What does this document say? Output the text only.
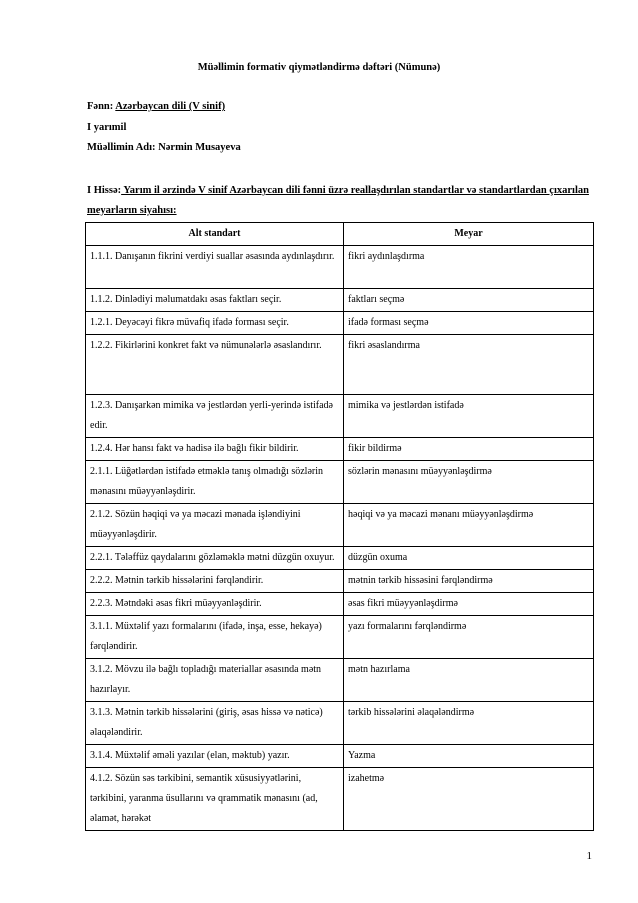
Müəllimin formativ qiymətləndirmə dəftəri (Nümunə)
Fənn: Azərbaycan dili (V sinif)
I yarımil
Müəllimin Adı: Nərmin Musayeva
I Hissə: Yarım il ərzində V sinif Azərbaycan dili fənni üzrə reallaşdırılan standartlar və standartlardan çıxarılan meyarların siyahısı:
Alt standart	Meyar
1.1.1. Danışanın fikrini verdiyi suallar əsasında aydınlaşdırır.	fikri aydınlaşdırma
1.1.2. Dinlədiyi məlumatdakı əsas faktları seçir.	faktları seçmə
1.2.1. Deyəcəyi fikrə müvafiq ifadə forması seçir.	ifadə forması seçmə
1.2.2. Fikirlərini konkret fakt və nümunələrlə əsaslandırır.	fikri əsaslandırma
1.2.3. Danışarkən mimika və jestlərdən yerli-yerində istifadə edir.	mimika və jestlərdən istifadə
1.2.4. Hər hansı fakt və hadisə ilə bağlı fikir bildirir.	fikir bildirmə
2.1.1. Lüğətlərdən istifadə etməklə tanış olmadığı sözlərin mənasını müəyyənləşdirir.	sözlərin mənasını müəyyənləşdirmə
2.1.2. Sözün həqiqi və ya məcazi mənada işləndiyini müəyyənləşdirir.	həqiqi və ya məcazi mənanı müəyyənləşdirmə
2.2.1. Tələffüz qaydalarını gözləməklə mətni düzgün oxuyur.	düzgün oxuma
2.2.2. Mətnin tərkib hissələrini fərqləndirir.	mətnin tərkib hissəsini fərqləndirmə
2.2.3. Mətndəki əsas fikri müəyyənləşdirir.	əsas fikri müəyyənləşdirmə
3.1.1. Müxtəlif yazı formalarını (ifadə, inşa, esse, hekayə) fərqləndirir.	yazı formalarını fərqləndirmə
3.1.2. Mövzu ilə bağlı topladığı materiallar əsasında mətn hazırlayır.	mətn hazırlama
3.1.3. Mətnin tərkib hissələrini (giriş, əsas hissə və nəticə) əlaqələndirir.	tərkib hissələrini əlaqələndirmə
3.1.4. Müxtəlif əməli yazılar (elan, məktub) yazır.	Yazma
4.1.2. Sözün səs tərkibini, semantik xüsusiyyətlərini, tərkibini, yaranma üsullarını və qrammatik mənasını (ad, əlamət, hərəkət	izahetmə
1
